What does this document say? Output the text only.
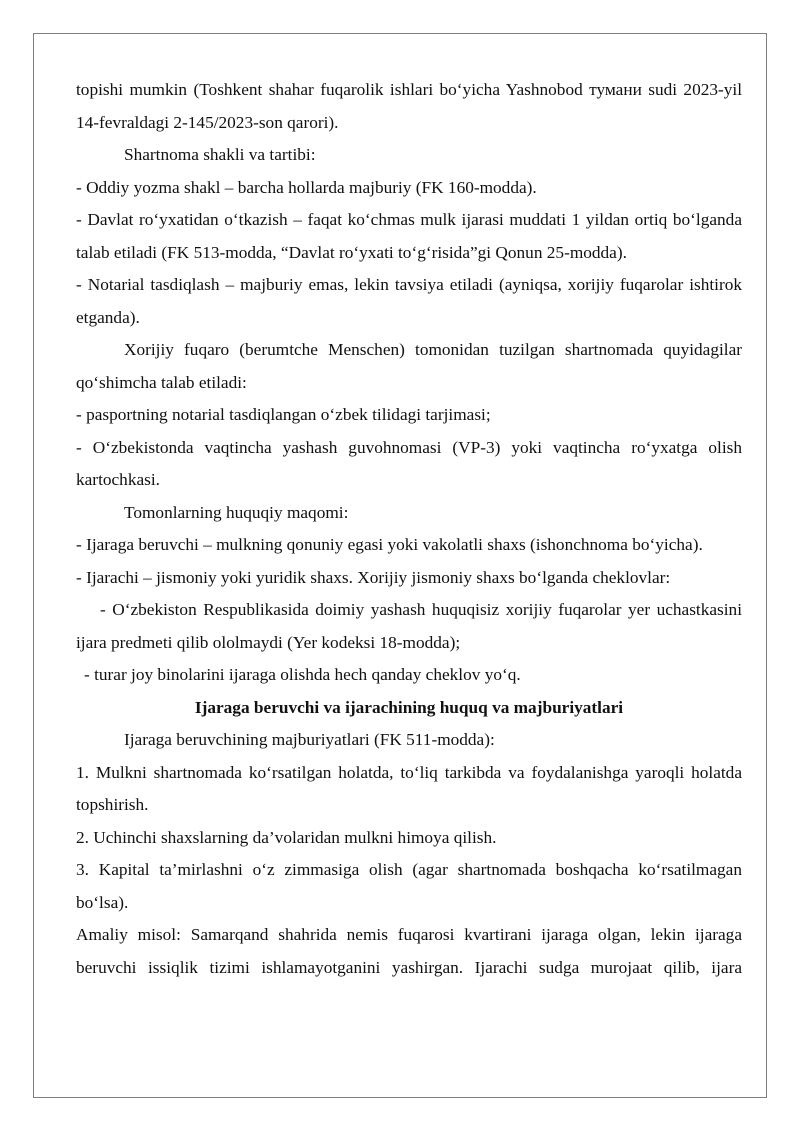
topishi mumkin (Toshkent shahar fuqarolik ishlari bo‘yicha Yashnobod тумани sudi 2023-yil 14-fevraldagi 2-145/2023-son qarori).

Shartnoma shakli va tartibi:

- Oddiy yozma shakl – barcha hollarda majburiy (FK 160-modda).

- Davlat ro‘yxatidan o‘tkazish – faqat ko‘chmas mulk ijarasi muddati 1 yildan ortiq bo‘lganda talab etiladi (FK 513-modda, “Davlat ro‘yxati to‘g‘risida”gi Qonun 25-modda).

- Notarial tasdiqlash – majburiy emas, lekin tavsiya etiladi (ayniqsa, xorijiy fuqarolar ishtirok etganda).

Xorijiy fuqaro (berumtche Menschen) tomonidan tuzilgan shartnomada quyidagilar qo‘shimcha talab etiladi:

- pasportning notarial tasdiqlangan o‘zbek tilidagi tarjimasi;

- O‘zbekistonda vaqtincha yashash guvohnomasi (VP-3) yoki vaqtincha ro‘yxatga olish kartochkasi.

Tomonlarning huquqiy maqomi:

- Ijaraga beruvchi – mulkning qonuniy egasi yoki vakolatli shaxs (ishonchnoma bo‘yicha).

- Ijarachi – jismoniy yoki yuridik shaxs. Xorijiy jismoniy shaxs bo‘lganda cheklovlar:

- O‘zbekiston Respublikasida doimiy yashash huquqisiz xorijiy fuqarolar yer uchastkasini ijara predmeti qilib ololmaydi (Yer kodeksi 18-modda);

- turar joy binolarini ijaraga olishda hech qanday cheklov yo‘q.

Ijaraga beruvchi va ijarachining huquq va majburiyatlari

Ijaraga beruvchining majburiyatlari (FK 511-modda):

1. Mulkni shartnomada ko‘rsatilgan holatda, to‘liq tarkibda va foydalanishga yaroqli holatda topshirish.

2. Uchinchi shaxslarning da’volaridan mulkni himoya qilish.

3. Kapital ta’mirlashni o‘z zimmasiga olish (agar shartnomada boshqacha ko‘rsatilmagan bo‘lsa).

Amaliy misol: Samarqand shahrida nemis fuqarosi kvartirani ijaraga olgan, lekin ijaraga beruvchi issiqlik tizimi ishlamayotganini yashirgan. Ijarachi sudga murojaat qilib, ijara
